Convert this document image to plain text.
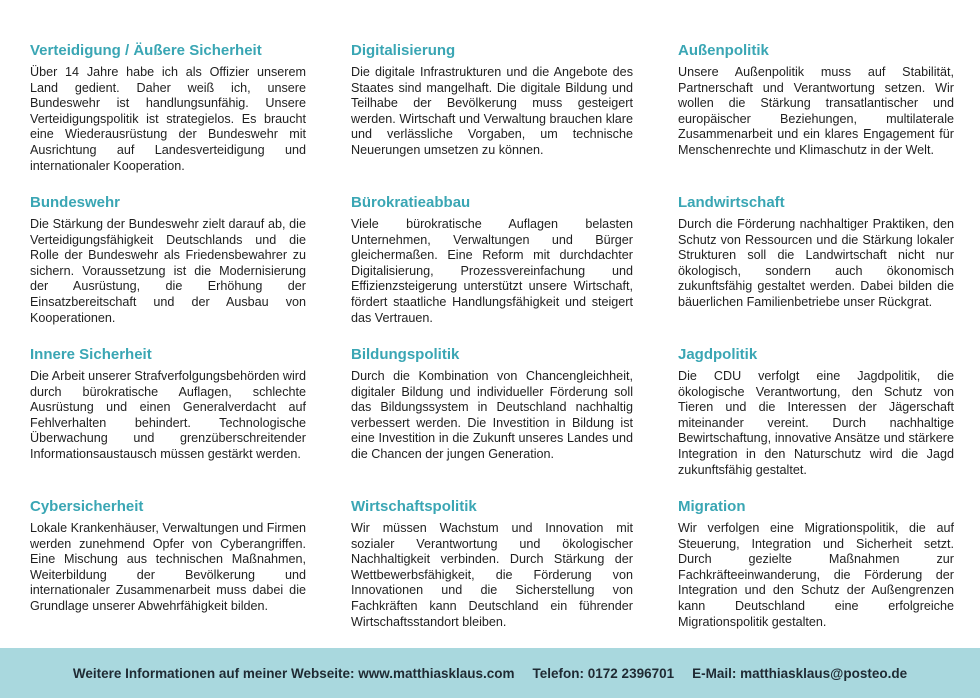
Verteidigung / Äußere Sicherheit

Über 14 Jahre habe ich als Offizier unserem Land gedient. Daher weiß ich, unsere Bundeswehr ist handlungsunfähig. Unsere Verteidigungspolitik ist strategielos. Es braucht eine Wiederausrüstung der Bundeswehr mit Ausrichtung auf Landesverteidigung und internationaler Kooperation.

Bundeswehr

Die Stärkung der Bundeswehr zielt darauf ab, die Verteidigungsfähigkeit Deutschlands und die Rolle der Bundeswehr als Friedensbewahrer zu sichern. Voraussetzung ist die Modernisierung der Ausrüstung, die Erhöhung der Einsatzbereitschaft und der Ausbau von Kooperationen.

Innere Sicherheit

Die Arbeit unserer Strafverfolgungsbehörden wird durch bürokratische Auflagen, schlechte Ausrüstung und einen Generalverdacht auf Fehlverhalten behindert. Technologische Überwachung und grenzüberschreitender Informationsaustausch müssen gestärkt werden.

Cybersicherheit

Lokale Krankenhäuser, Verwaltungen und Firmen werden zunehmend Opfer von Cyberangriffen. Eine Mischung aus technischen Maßnahmen, Weiterbildung der Bevölkerung und internationaler Zusammenarbeit muss dabei die Grundlage unserer Abwehrfähigkeit bilden.

Digitalisierung

Die digitale Infrastrukturen und die Angebote des Staates sind mangelhaft. Die digitale Bildung und Teilhabe der Bevölkerung muss gesteigert werden. Wirtschaft und Verwaltung brauchen klare und verlässliche Vorgaben, um technische Neuerungen umsetzen zu können.

Bürokratieabbau

Viele bürokratische Auflagen belasten Unternehmen, Verwaltungen und Bürger gleichermaßen. Eine Reform mit durchdachter Digitalisierung, Prozessvereinfachung und Effizienzsteigerung unterstützt unsere Wirtschaft, fördert staatliche Handlungsfähigkeit und steigert das Vertrauen.

Bildungspolitik

Durch die Kombination von Chancengleichheit, digitaler Bildung und individueller Förderung soll das Bildungssystem in Deutschland nachhaltig verbessert werden. Die Investition in Bildung ist eine Investition in die Zukunft unseres Landes und die Chancen der jungen Generation.

Wirtschaftspolitik

Wir müssen Wachstum und Innovation mit sozialer Verantwortung und ökologischer Nachhaltigkeit verbinden. Durch Stärkung der Wettbewerbsfähigkeit, die Förderung von Innovationen und die Sicherstellung von Fachkräften kann Deutschland ein führender Wirtschaftsstandort bleiben.

Außenpolitik

Unsere Außenpolitik muss auf Stabilität, Partnerschaft und Verantwortung setzen. Wir wollen die Stärkung transatlantischer und europäischer Beziehungen, multilaterale Zusammenarbeit und ein klares Engagement für Menschenrechte und Klimaschutz in der Welt.

Landwirtschaft

Durch die Förderung nachhaltiger Praktiken, den Schutz von Ressourcen und die Stärkung lokaler Strukturen soll die Landwirtschaft nicht nur ökologisch, sondern auch ökonomisch zukunftsfähig gestaltet werden. Dabei bilden die bäuerlichen Familienbetriebe unser Rückgrat.

Jagdpolitik

Die CDU verfolgt eine Jagdpolitik, die ökologische Verantwortung, den Schutz von Tieren und die Interessen der Jägerschaft miteinander vereint. Durch nachhaltige Bewirtschaftung, innovative Ansätze und stärkere Integration in den Naturschutz wird die Jagd zukunftsfähig gestaltet.

Migration

Wir verfolgen eine Migrationspolitik, die auf Steuerung, Integration und Sicherheit setzt. Durch gezielte Maßnahmen zur Fachkräfteeinwanderung, die Förderung der Integration und den Schutz der Außengrenzen kann Deutschland eine erfolgreiche Migrationspolitik gestalten.

Weitere Informationen auf meiner Webseite: www.matthiasklaus.com Telefon: 0172 2396701 E-Mail: matthiasklaus@posteo.de
